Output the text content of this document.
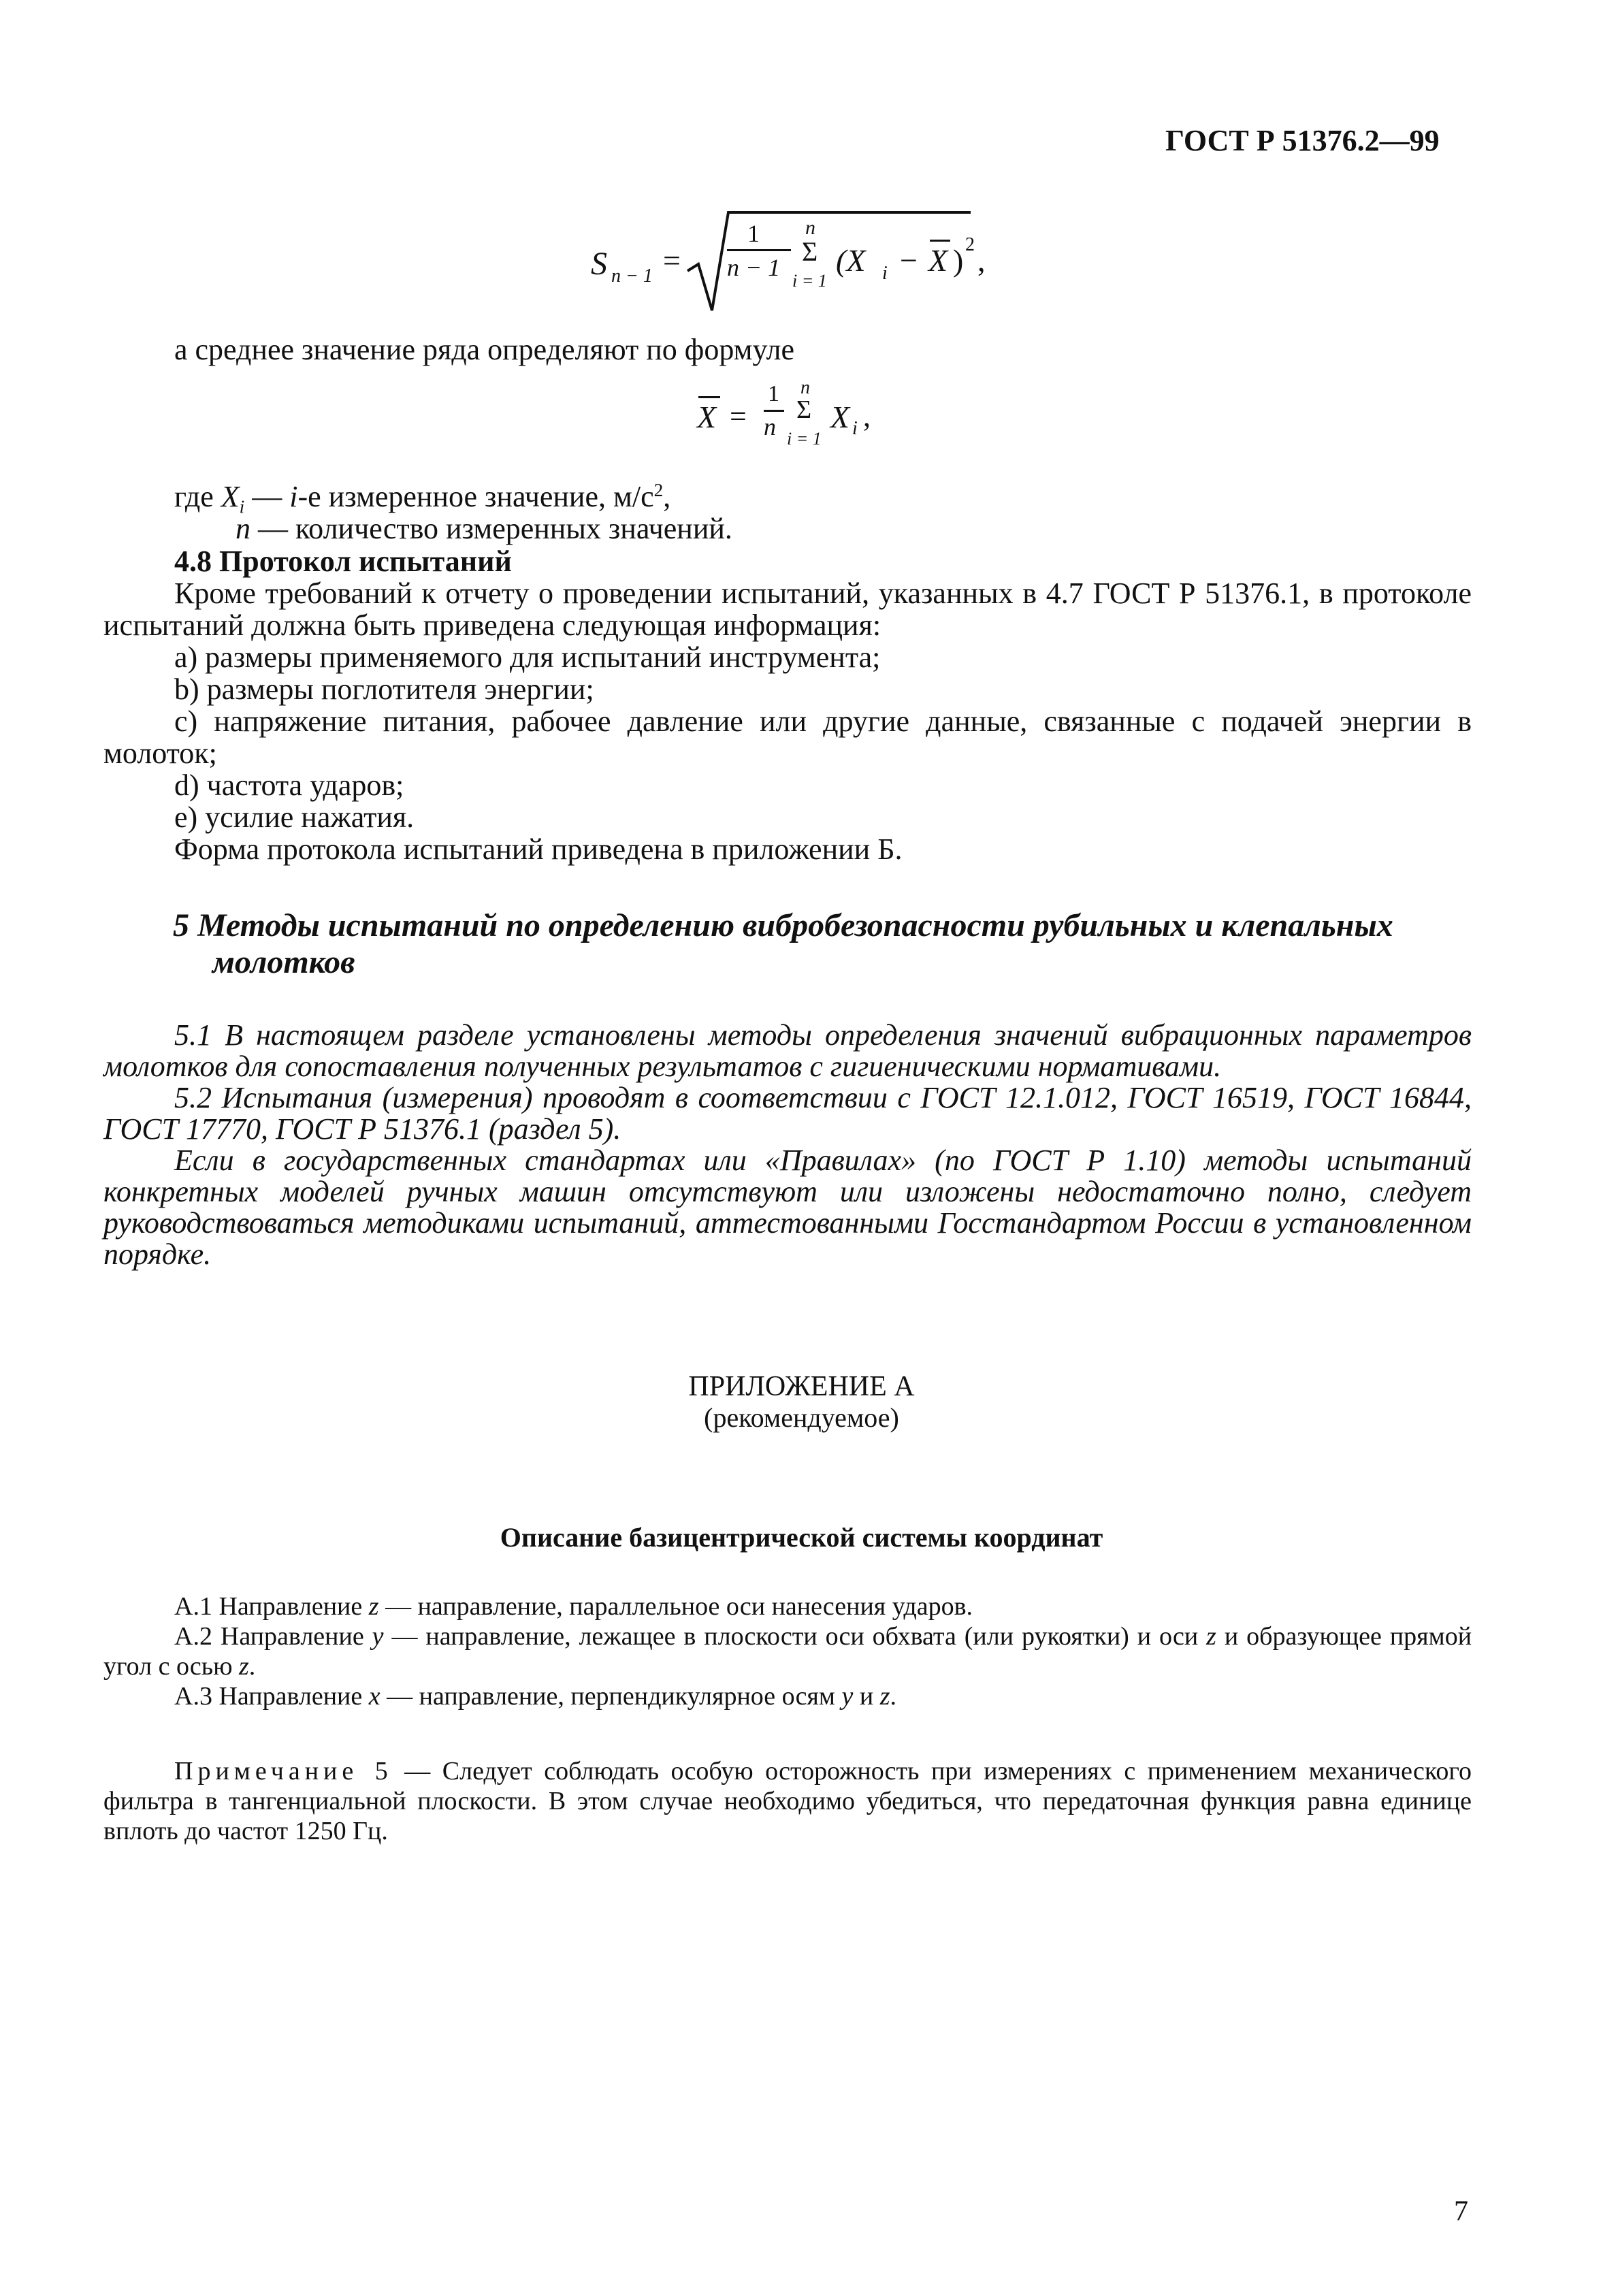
ГОСТ Р 51376.2—99
S n − 1 =
1
n − 1
n
Σ
i = 1
(X i − X ) 2 ,
а среднее значение ряда определяют по формуле
X =
1
n
n
Σ
i = 1
X i ,
где $X_i$ — i-е измеренное значение, $м/с^2$,
n — количество измеренных значений.
4.8 Протокол испытаний
Кроме требований к отчету о проведении испытаний, указанных в 4.7 ГОСТ Р 51376.1, в протоколе испытаний должна быть приведена следующая информация:
a) размеры применяемого для испытаний инструмента;
b) размеры поглотителя энергии;
c) напряжение питания, рабочее давление или другие данные, связанные с подачей энергии в молоток;
d) частота ударов;
e) усилие нажатия.
Форма протокола испытаний приведена в приложении Б.
5 Методы испытаний по определению вибробезопасности рубильных и клепальных
молотков
5.1 В настоящем разделе установлены методы определения значений вибрационных параметров молотков для сопоставления полученных результатов с гигиеническими нормативами.
5.2 Испытания (измерения) проводят в соответствии с ГОСТ 12.1.012, ГОСТ 16519, ГОСТ 16844, ГОСТ 17770, ГОСТ Р 51376.1 (раздел 5).
Если в государственных стандартах или «Правилах» (по ГОСТ Р 1.10) методы испытаний конкретных моделей ручных машин отсутствуют или изложены недостаточно полно, следует руководствоваться методиками испытаний, аттестованными Госстандартом России в установленном порядке.
ПРИЛОЖЕНИЕ А
(рекомендуемое)
Описание базицентрической системы координат
А.1 Направление z — направление, параллельное оси нанесения ударов.
А.2 Направление y — направление, лежащее в плоскости оси обхвата (или рукоятки) и оси z и образующее прямой угол с осью z.
А.3 Направление x — направление, перпендикулярное осям y и z.
Примечание 5 — Следует соблюдать особую осторожность при измерениях с применением механического фильтра в тангенциальной плоскости. В этом случае необходимо убедиться, что передаточная функция равна единице вплоть до частот 1250 Гц.
7
